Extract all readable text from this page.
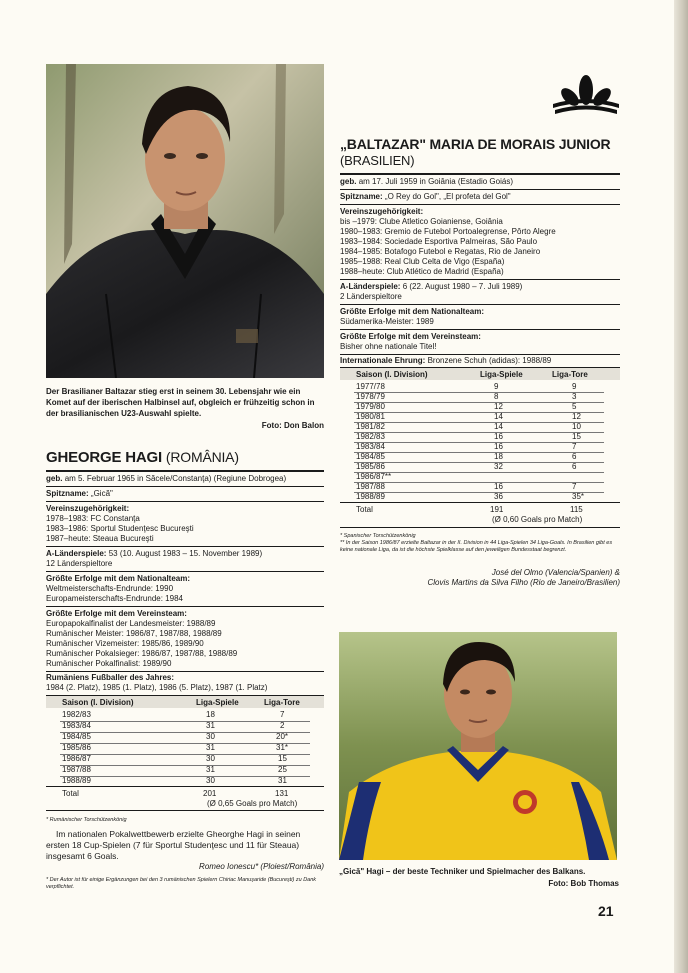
Der Brasilianer Baltazar stieg erst in seinem 30. Lebensjahr wie ein Komet auf der iberischen Halbinsel auf, obgleich er frühzeitig schon in der brasilianischen U23-Auswahl spielte.
Foto: Don Balon
GHEORGE HAGI (ROMÂNIA)
geb. am 5. Februar 1965 in Săcele/Constanţa) (Regiune Dobrogea)
Spitzname: „Gică"
Vereinszugehörigkeit:
1978–1983: FC Constanţa
1983–1986: Sportul Studenţesc Bucureşti
1987–heute: Steaua Bucureşti
A-Länderspiele: 53 (10. August 1983 – 15. November 1989)
12 Länderspieltore
Größte Erfolge mit dem Nationalteam:
Weltmeisterschafts-Endrunde: 1990
Europameisterschafts-Endrunde: 1984
Größte Erfolge mit dem Vereinsteam:
Europapokalfinalist der Landesmeister: 1988/89
Rumänischer Meister: 1986/87, 1987/88, 1988/89
Rumänischer Vizemeister: 1985/86, 1989/90
Rumänischer Pokalsieger: 1986/87, 1987/88, 1988/89
Rumänischer Pokalfinalist: 1989/90
Rumäniens Fußballer des Jahres:
1984 (2. Platz), 1985 (1. Platz), 1986 (5. Platz), 1987 (1. Platz)
Saison (I. Division)	Liga-Spiele	Liga-Tore
1982/83	18	7
1983/84	31	2
1984/85	30	20*
1985/86	31	31*
1986/87	30	15
1987/88	31	25
1988/89	30	31
Total	201	131
(Ø 0,65 Goals pro Match)
* Rumänischer Torschützenkönig
Im nationalen Pokalwettbewerb erzielte Gheorghe Hagi in seinen ersten 18 Cup-Spielen (7 für Sportul Studenţesc und 11 für Steaua) insgesamt 6 Goals.
Romeo Ionescu* (Ploiest/România)
* Der Autor ist für einige Ergänzungen bei den 3 rumänischen Spielern Chiriac Manuşaride (Bucureşti) zu Dank verpflichtet.
„BALTAZAR" MARIA DE MORAIS JUNIOR
(BRASILIEN)
geb. am 17. Juli 1959 in Goiânia (Estadio Goiás)
Spitzname: „O Rey do Gol", „El profeta del Gol"
Vereinszugehörigkeit:
bis –1979: Clube Atletico Goianiense, Goiânia
1980–1983: Gremio de Futebol Portoalegrense, Pôrto Alegre
1983–1984: Sociedade Esportiva Palmeiras, São Paulo
1984–1985: Botafogo Futebol e Regatas, Rio de Janeiro
1985–1988: Real Club Celta de Vigo (España)
1988–heute: Club Atlético de Madrid (España)
A-Länderspiele: 6 (22. August 1980 – 7. Juli 1989)
2 Länderspieltore
Größte Erfolge mit dem Nationalteam:
Südamerika-Meister: 1989
Größte Erfolge mit dem Vereinsteam:
Bisher ohne nationale Titel!
Internationale Ehrung: Bronzene Schuh (adidas): 1988/89
Saison (I. Division)	Liga-Spiele	Liga-Tore
1977/78	9	9
1978/79	8	3
1979/80	12	5
1980/81	14	12
1981/82	14	10
1982/83	16	15
1983/84	16	7
1984/85	18	6
1985/86	32	6
1986/87**
1987/88	16	7
1988/89	36	35*
Total	191	115
(Ø 0,60 Goals pro Match)
* Spanischer Torschützenkönig
** In der Saison 1986/87 erzielte Baltazar in der II. Division in 44 Liga-Spielen 34 Liga-Goals. In Brasilien gibt es keine nationale Liga, da ist die höchste Spielklasse auf den jeweiligen Bundesstaat begrenzt.
José del Olmo (Valencia/Spanien) &
Clovis Martins da Silva Filho (Rio de Janeiro/Brasilien)
„Gică" Hagi – der beste Techniker und Spielmacher des Balkans.
Foto: Bob Thomas
21
